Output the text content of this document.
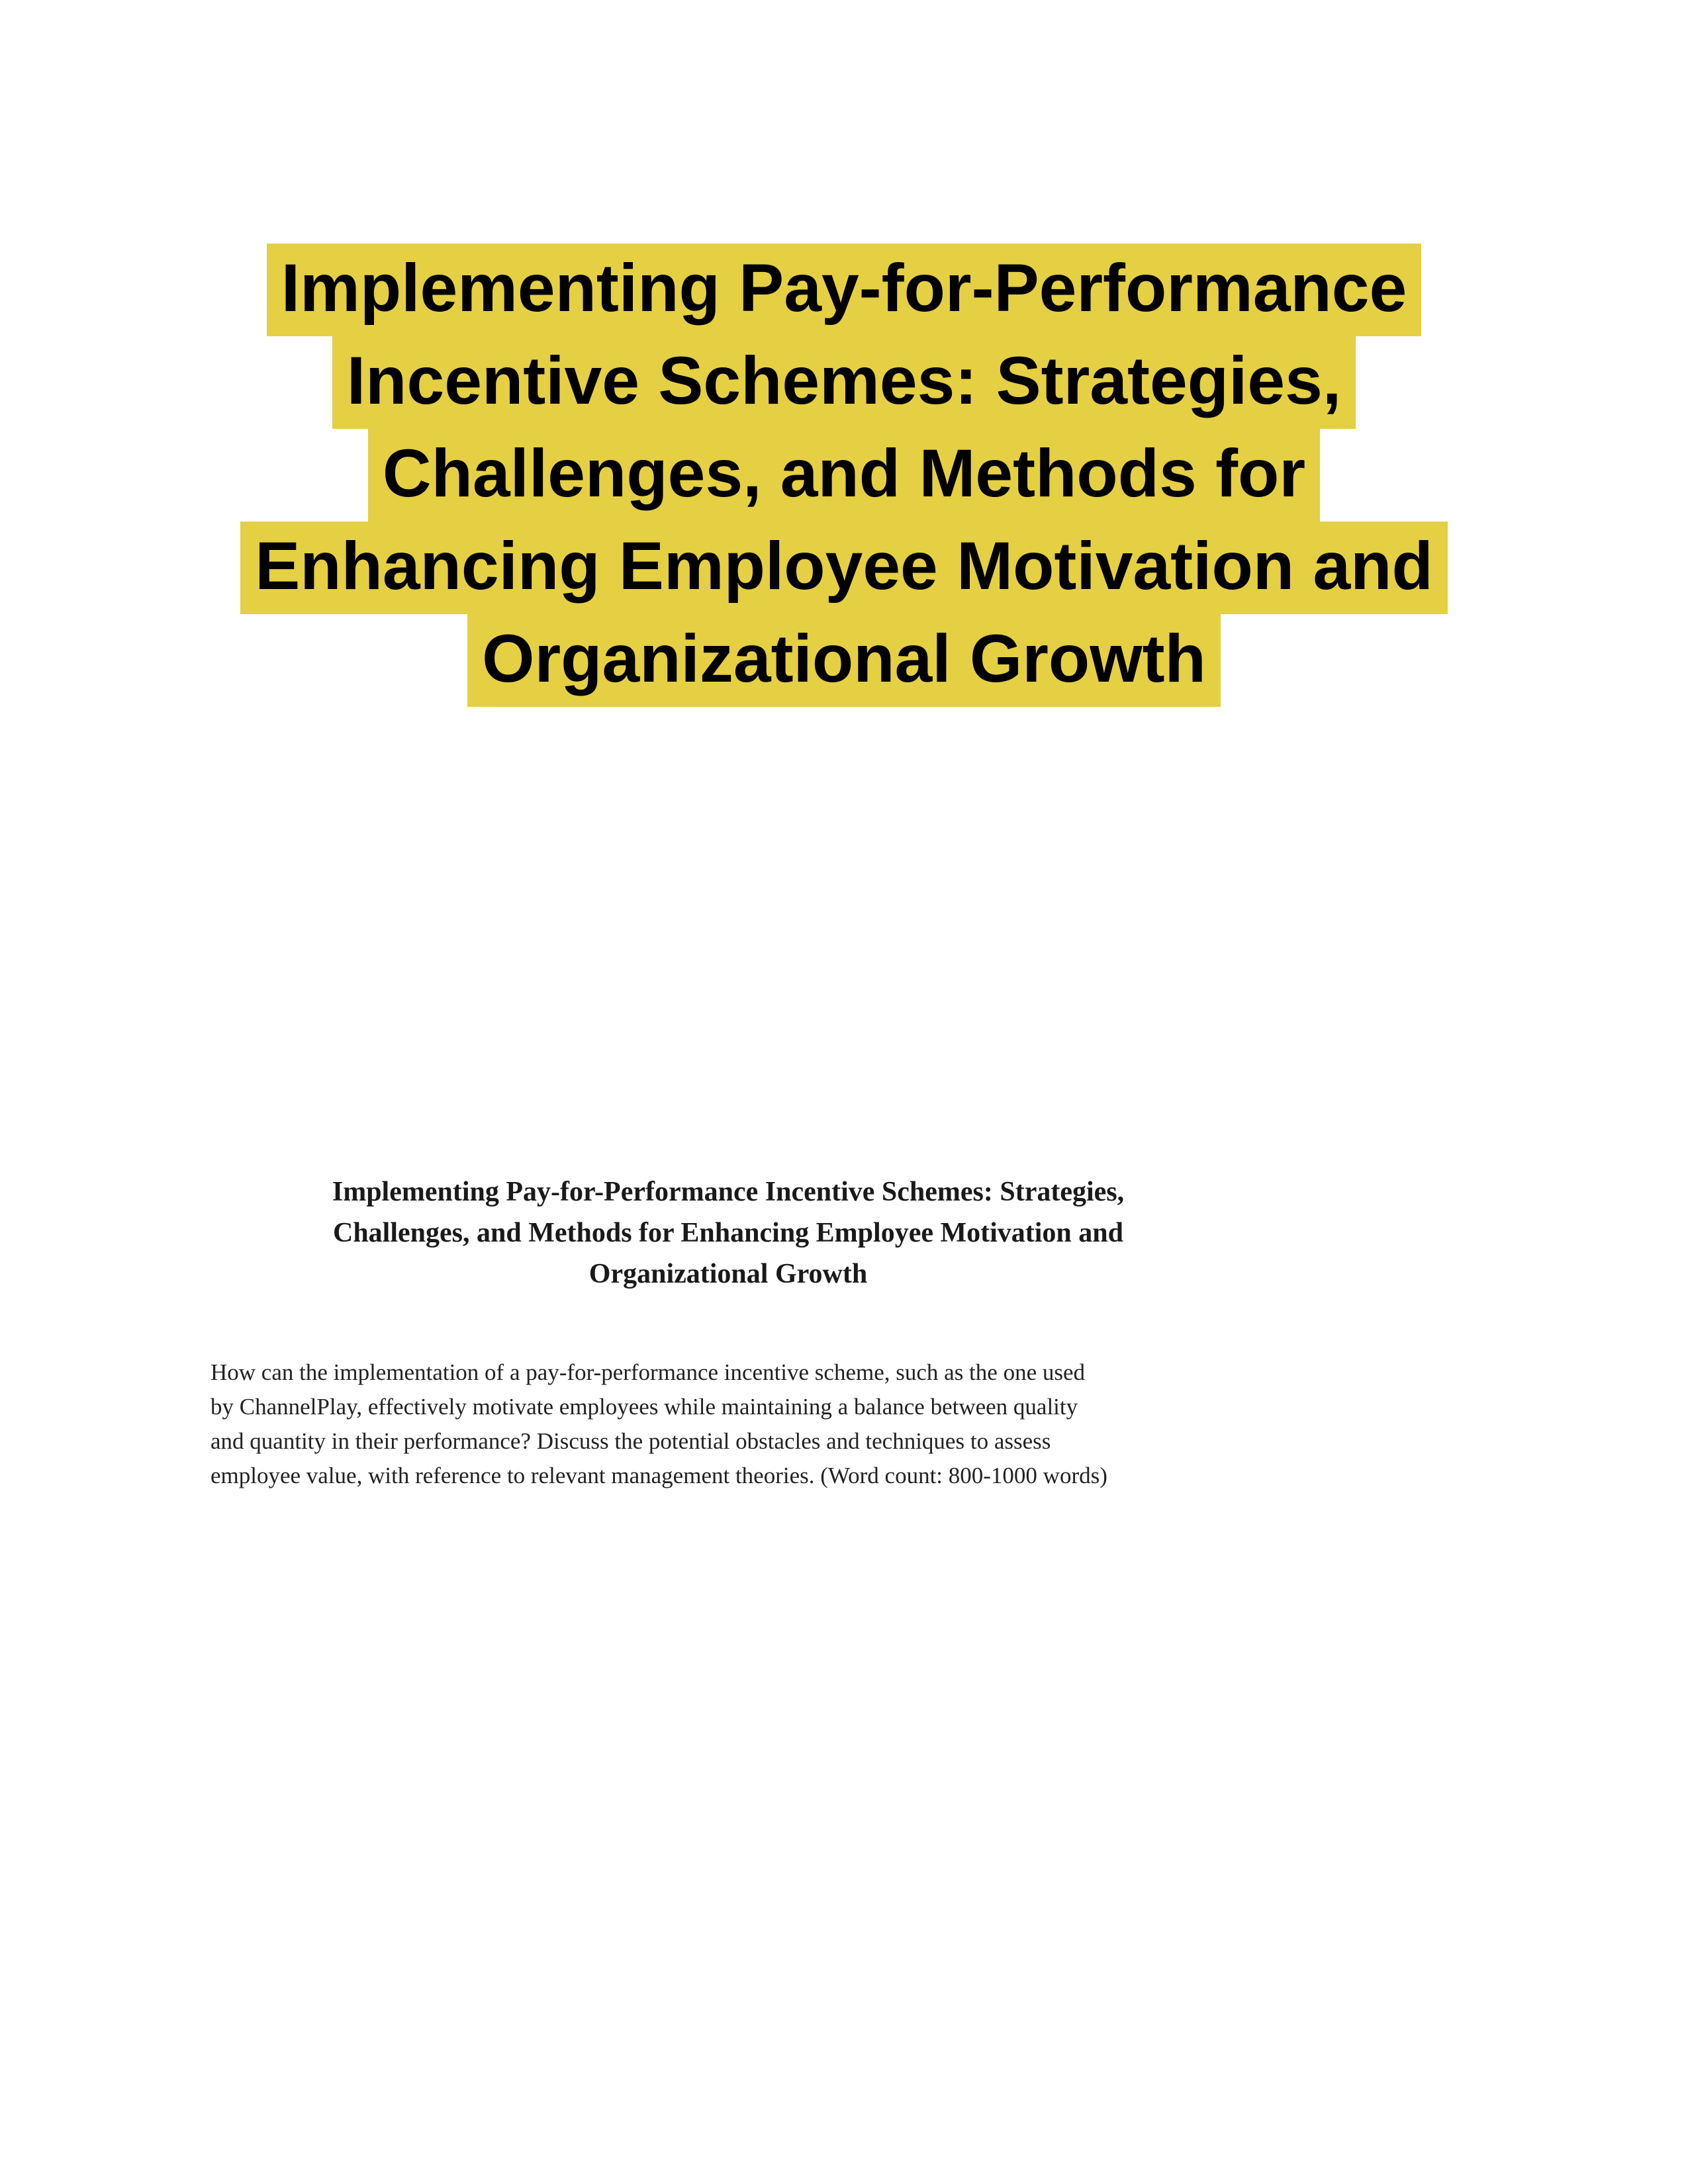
Implementing Pay-for-Performance
Incentive Schemes: Strategies,
Challenges, and Methods for
Enhancing Employee Motivation and
Organizational Growth
Implementing Pay-for-Performance Incentive Schemes: Strategies,
Challenges, and Methods for Enhancing Employee Motivation and
Organizational Growth

How can the implementation of a pay-for-performance incentive scheme, such as the one used
by ChannelPlay, effectively motivate employees while maintaining a balance between quality
and quantity in their performance? Discuss the potential obstacles and techniques to assess
employee value, with reference to relevant management theories. (Word count: 800-1000 words)
